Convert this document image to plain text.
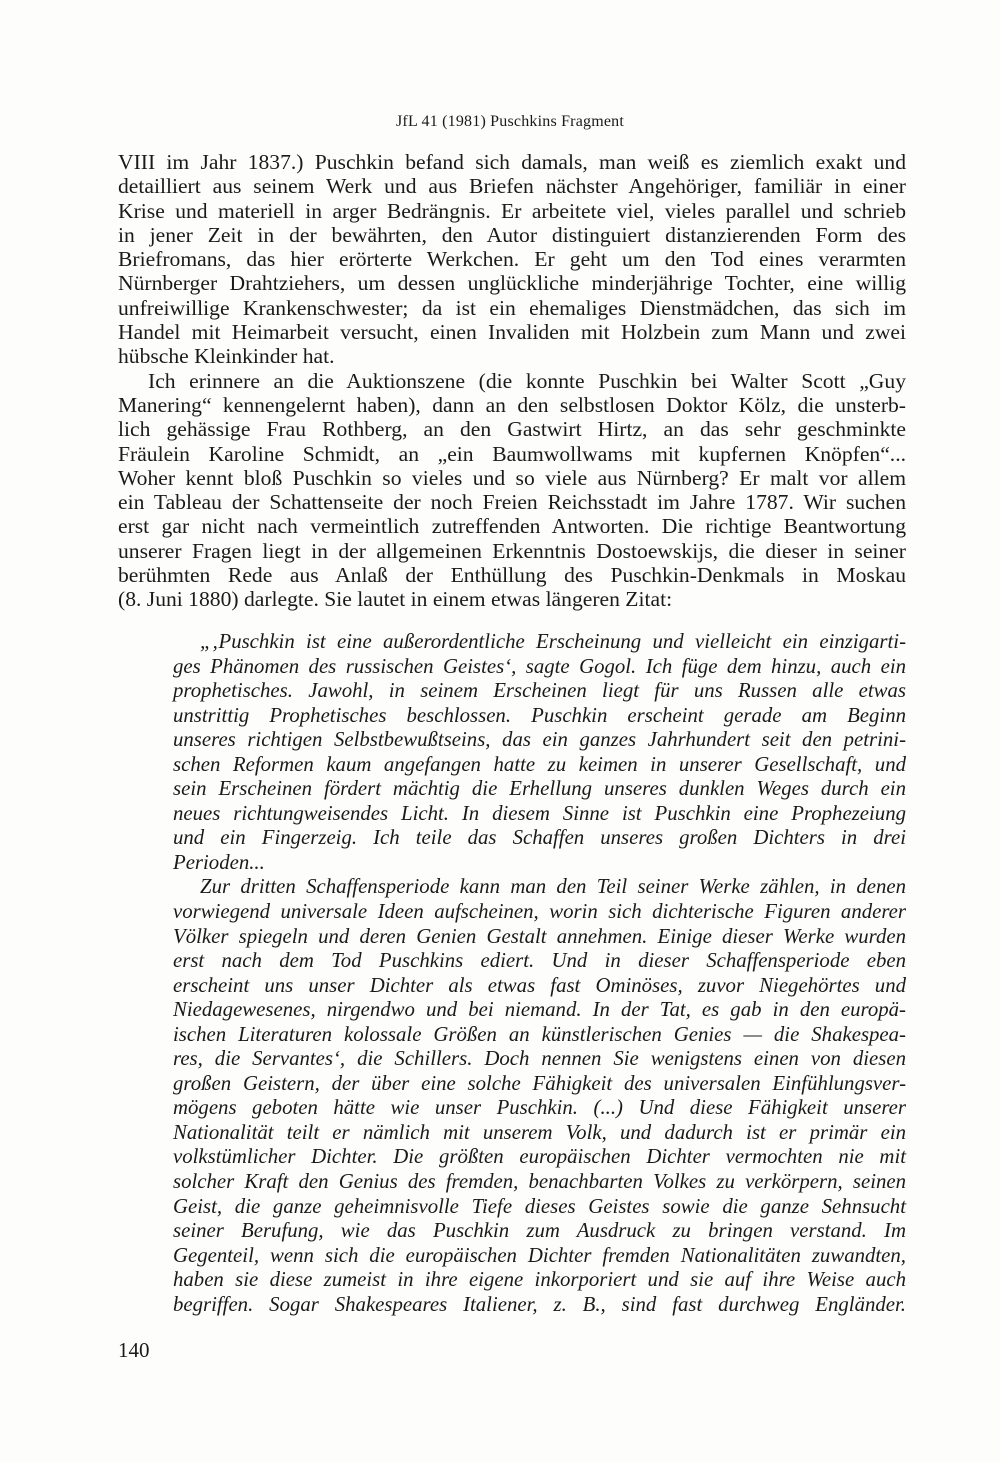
JfL 41 (1981) Puschkins Fragment
VIII im Jahr 1837.) Puschkin befand sich damals, man weiß es ziemlich exakt und
detailliert aus seinem Werk und aus Briefen nächster Angehöriger, familiär in einer
Krise und materiell in arger Bedrängnis. Er arbeitete viel, vieles parallel und schrieb
in jener Zeit in der bewährten, den Autor distinguiert distanzierenden Form des
Briefromans, das hier erörterte Werkchen. Er geht um den Tod eines verarmten
Nürnberger Drahtziehers, um dessen unglückliche minderjährige Tochter, eine willig
unfreiwillige Krankenschwester; da ist ein ehemaliges Dienstmädchen, das sich im
Handel mit Heimarbeit versucht, einen Invaliden mit Holzbein zum Mann und zwei
hübsche Kleinkinder hat.
Ich erinnere an die Auktionszene (die konnte Puschkin bei Walter Scott „Guy
Manering“ kennengelernt haben), dann an den selbstlosen Doktor Kölz, die unsterb-
lich gehässige Frau Rothberg, an den Gastwirt Hirtz, an das sehr geschminkte
Fräulein Karoline Schmidt, an „ein Baumwollwams mit kupfernen Knöpfen“...
Woher kennt bloß Puschkin so vieles und so viele aus Nürnberg? Er malt vor allem
ein Tableau der Schattenseite der noch Freien Reichsstadt im Jahre 1787. Wir suchen
erst gar nicht nach vermeintlich zutreffenden Antworten. Die richtige Beantwortung
unserer Fragen liegt in der allgemeinen Erkenntnis Dostoewskijs, die dieser in seiner
berühmten Rede aus Anlaß der Enthüllung des Puschkin-Denkmals in Moskau
(8. Juni 1880) darlegte. Sie lautet in einem etwas längeren Zitat:
„‚Puschkin ist eine außerordentliche Erscheinung und vielleicht ein einzigarti-
ges Phänomen des russischen Geistes‘, sagte Gogol. Ich füge dem hinzu, auch ein
prophetisches. Jawohl, in seinem Erscheinen liegt für uns Russen alle etwas
unstrittig Prophetisches beschlossen. Puschkin erscheint gerade am Beginn
unseres richtigen Selbstbewußtseins, das ein ganzes Jahrhundert seit den petrini-
schen Reformen kaum angefangen hatte zu keimen in unserer Gesellschaft, und
sein Erscheinen fördert mächtig die Erhellung unseres dunklen Weges durch ein
neues richtungweisendes Licht. In diesem Sinne ist Puschkin eine Prophezeiung
und ein Fingerzeig. Ich teile das Schaffen unseres großen Dichters in drei
Perioden...
Zur dritten Schaffensperiode kann man den Teil seiner Werke zählen, in denen
vorwiegend universale Ideen aufscheinen, worin sich dichterische Figuren anderer
Völker spiegeln und deren Genien Gestalt annehmen. Einige dieser Werke wurden
erst nach dem Tod Puschkins ediert. Und in dieser Schaffensperiode eben
erscheint uns unser Dichter als etwas fast Ominöses, zuvor Niegehörtes und
Niedagewesenes, nirgendwo und bei niemand. In der Tat, es gab in den europä-
ischen Literaturen kolossale Größen an künstlerischen Genies — die Shakespea-
res, die Servantes‘, die Schillers. Doch nennen Sie wenigstens einen von diesen
großen Geistern, der über eine solche Fähigkeit des universalen Einfühlungsver-
mögens geboten hätte wie unser Puschkin. (...) Und diese Fähigkeit unserer
Nationalität teilt er nämlich mit unserem Volk, und dadurch ist er primär ein
volkstümlicher Dichter. Die größten europäischen Dichter vermochten nie mit
solcher Kraft den Genius des fremden, benachbarten Volkes zu verkörpern, seinen
Geist, die ganze geheimnisvolle Tiefe dieses Geistes sowie die ganze Sehnsucht
seiner Berufung, wie das Puschkin zum Ausdruck zu bringen verstand. Im
Gegenteil, wenn sich die europäischen Dichter fremden Nationalitäten zuwandten,
haben sie diese zumeist in ihre eigene inkorporiert und sie auf ihre Weise auch
begriffen. Sogar Shakespeares Italiener, z. B., sind fast durchweg Engländer.
140
